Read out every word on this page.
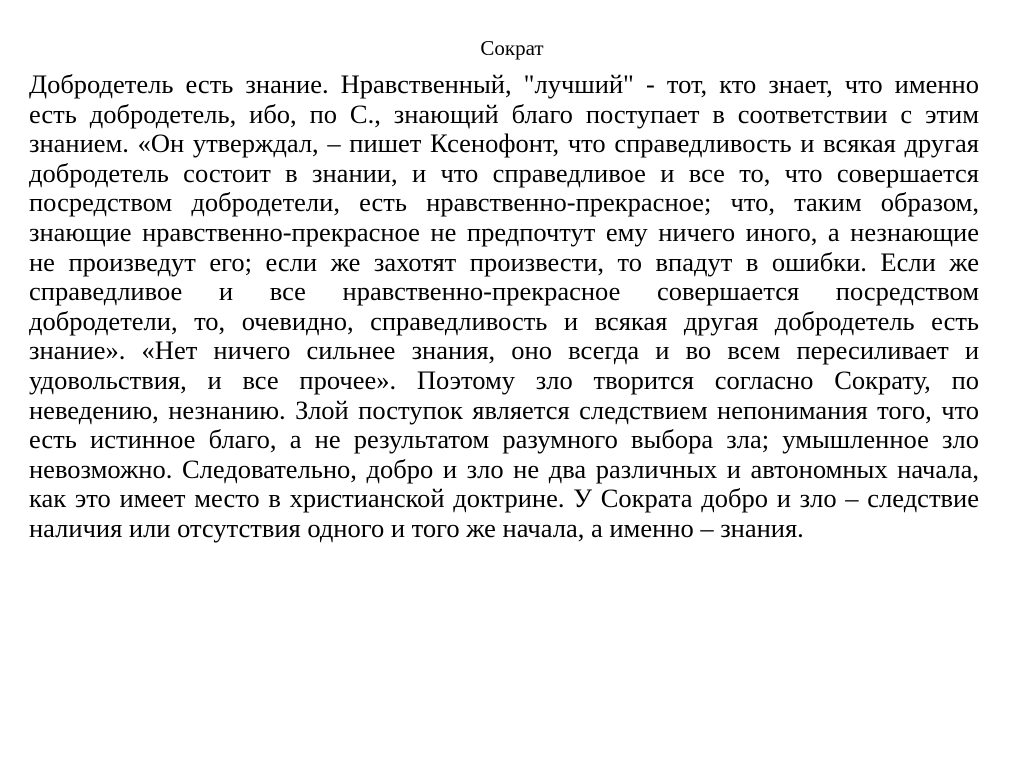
Сократ

Добродетель есть знание. Нравственный, "лучший" - тот, кто знает, что именно есть добродетель, ибо, по С., знающий благо поступает в соответствии с этим знанием. «Он утверждал, – пишет Ксенофонт, что справедливость и всякая другая добродетель состоит в знании, и что справедливое и все то, что совершается посредством добродетели, есть нравственно-прекрасное; что, таким образом, знающие нравственно-прекрасное не предпочтут ему ничего иного, а незнающие не произведут его; если же захотят произвести, то впадут в ошибки. Если же справедливое и все нравственно-прекрасное совершается посредством добродетели, то, очевидно, справедливость и всякая другая добродетель есть знание». «Нет ничего сильнее знания, оно всегда и во всем пересиливает и удовольствия, и все прочее». Поэтому зло творится согласно Сократу, по неведению, незнанию. Злой поступок является следствием непонимания того, что есть истинное благо, а не результатом разумного выбора зла; умышленное зло невозможно. Следовательно, добро и зло не два различных и автономных начала, как это имеет место в христианской доктрине. У Сократа добро и зло – следствие наличия или отсутствия одного и того же начала, а именно – знания.
